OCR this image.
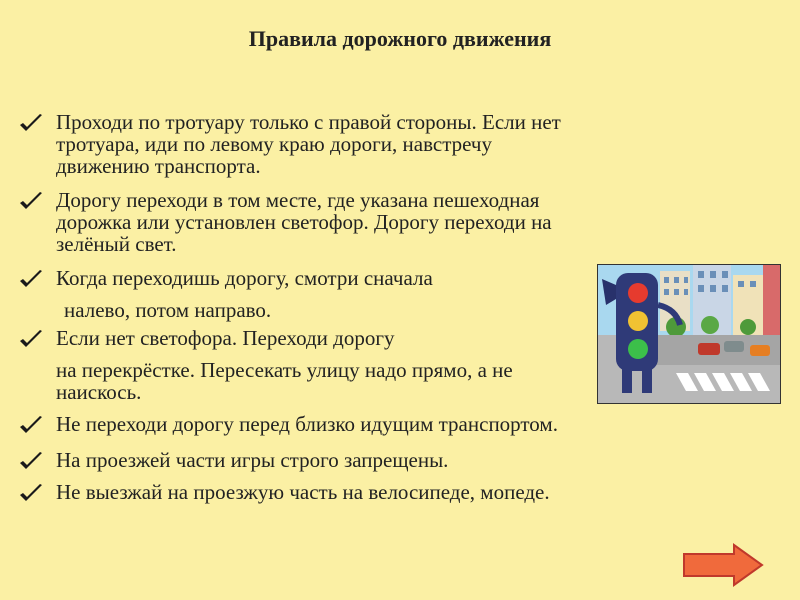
Правила дорожного движения
Проходи по тротуару только с правой стороны. Если нет
тротуара, иди по левому краю дороги, навстречу
движению транспорта.
Дорогу переходи в том месте, где указана пешеходная
дорожка или установлен светофор. Дорогу переходи на
зелёный свет.
Когда переходишь дорогу, смотри сначала
налево, потом направо.
Если нет светофора. Переходи дорогу
на перекрёстке. Пересекать улицу надо прямо, а не
наискось.
Не переходи дорогу перед близко идущим транспортом.
На проезжей части игры строго запрещены.
Не выезжай на проезжую часть на велосипеде, мопеде.
